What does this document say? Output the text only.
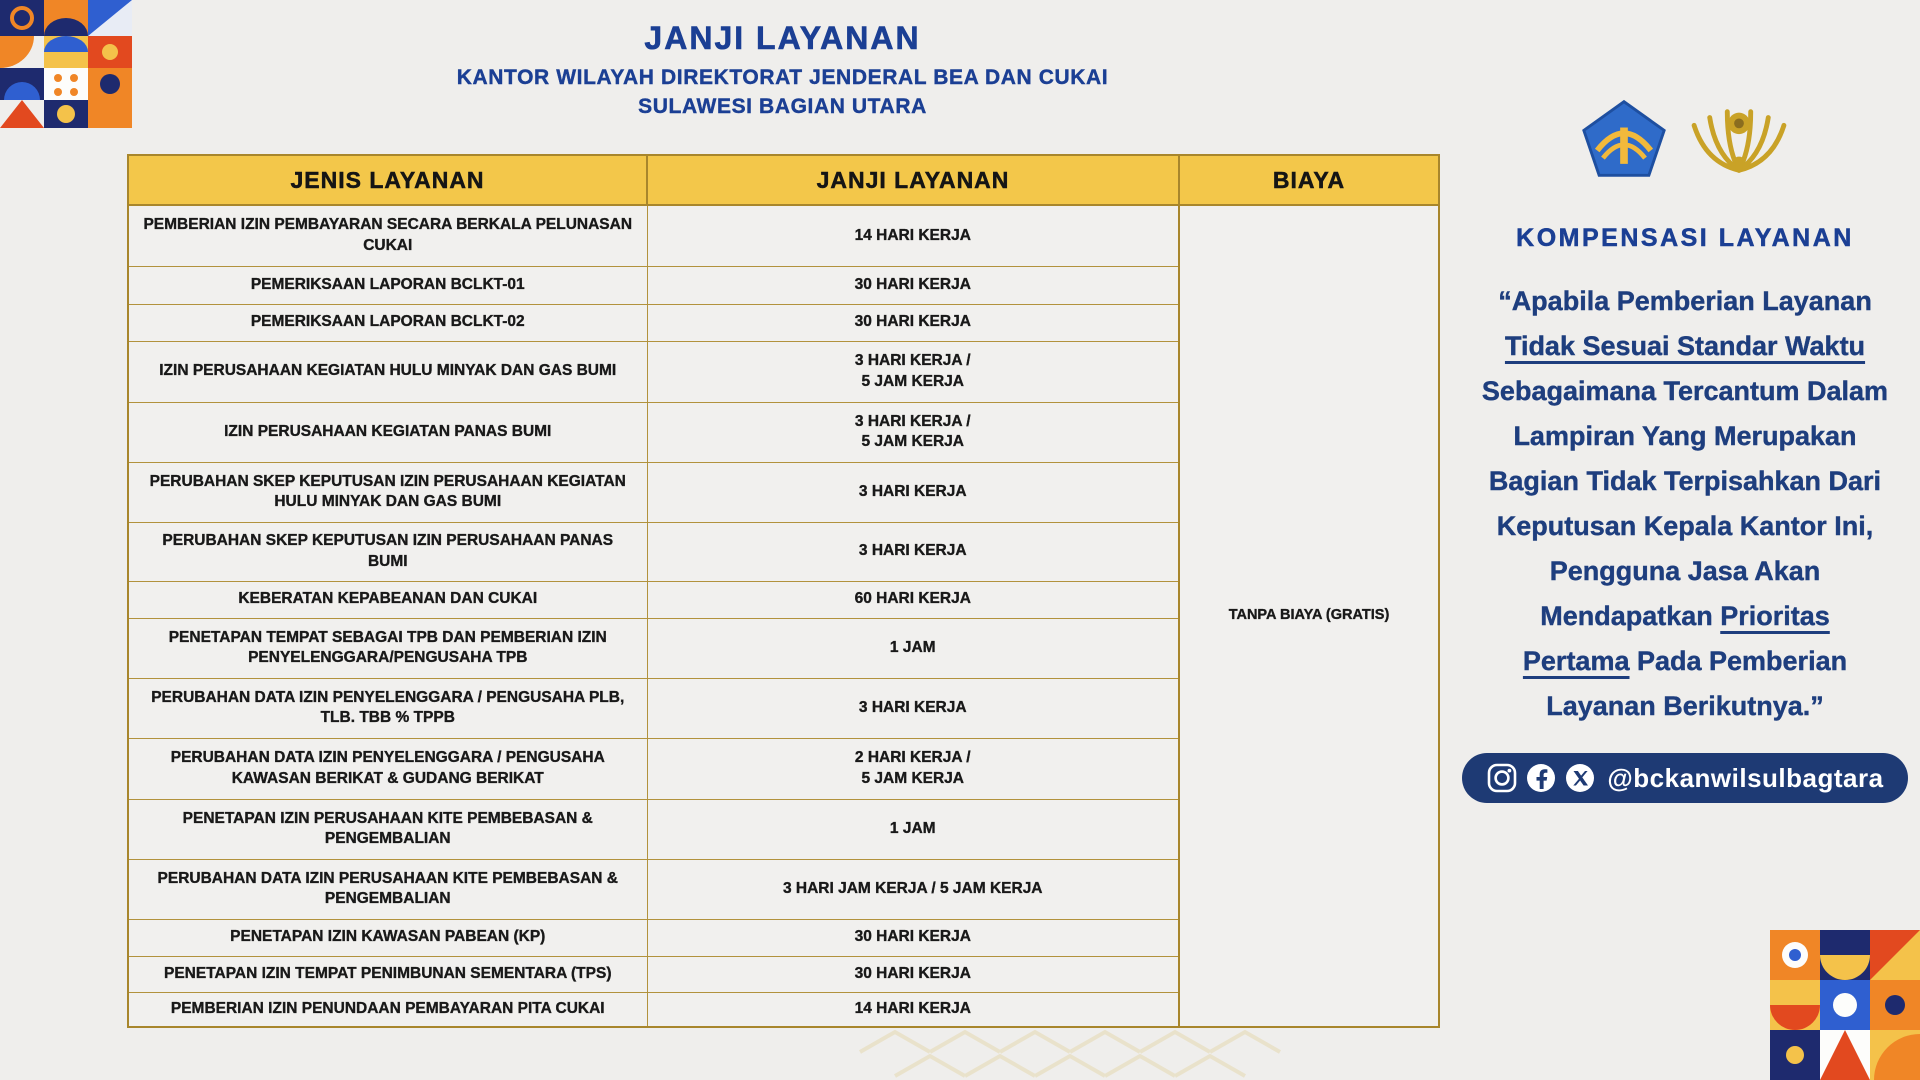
JANJI LAYANAN
KANTOR WILAYAH DIREKTORAT JENDERAL BEA DAN CUKAI
SULAWESI BAGIAN UTARA
JENIS LAYANAN	JANJI LAYANAN	BIAYA
PEMBERIAN IZIN PEMBAYARAN SECARA BERKALA PELUNASAN CUKAI	14 HARI KERJA	TANPA BIAYA (GRATIS)
PEMERIKSAAN LAPORAN BCLKT-01	30 HARI KERJA	

PEMERIKSAAN LAPORAN BCLKT-02	30 HARI KERJA	

IZIN PERUSAHAAN KEGIATAN HULU MINYAK DAN GAS BUMI	3 HARI KERJA /
5 JAM KERJA	

IZIN PERUSAHAAN KEGIATAN PANAS BUMI	3 HARI KERJA /
5 JAM KERJA	

PERUBAHAN SKEP KEPUTUSAN IZIN PERUSAHAAN KEGIATAN HULU MINYAK DAN GAS BUMI	3 HARI KERJA	

PERUBAHAN SKEP KEPUTUSAN IZIN PERUSAHAAN PANAS BUMI	3 HARI KERJA	

KEBERATAN KEPABEANAN DAN CUKAI	60 HARI KERJA	

PENETAPAN TEMPAT SEBAGAI TPB DAN PEMBERIAN IZIN PENYELENGGARA/PENGUSAHA TPB	1 JAM	

PERUBAHAN DATA IZIN PENYELENGGARA / PENGUSAHA PLB, TLB. TBB % TPPB	3 HARI KERJA	

PERUBAHAN DATA IZIN PENYELENGGARA / PENGUSAHA KAWASAN BERIKAT & GUDANG BERIKAT	2 HARI KERJA /
5 JAM KERJA	

PENETAPAN IZIN PERUSAHAAN KITE PEMBEBASAN & PENGEMBALIAN	1 JAM	

PERUBAHAN DATA IZIN PERUSAHAAN KITE PEMBEBASAN & PENGEMBALIAN	3 HARI JAM KERJA / 5 JAM KERJA	

PENETAPAN IZIN KAWASAN PABEAN (KP)	30 HARI KERJA	

PENETAPAN IZIN TEMPAT PENIMBUNAN SEMENTARA (TPS)	30 HARI KERJA	

PEMBERIAN IZIN PENUNDAAN PEMBAYARAN PITA CUKAI	14 HARI KERJA	
KOMPENSASI LAYANAN
“Apabila Pemberian Layanan
Tidak Sesuai Standar Waktu
Sebagaimana Tercantum Dalam
Lampiran Yang Merupakan
Bagian Tidak Terpisahkan Dari
Keputusan Kepala Kantor Ini,
Pengguna Jasa Akan
Mendapatkan Prioritas
Pertama Pada Pemberian
Layanan Berikutnya.”
@bckanwilsulbagtara
